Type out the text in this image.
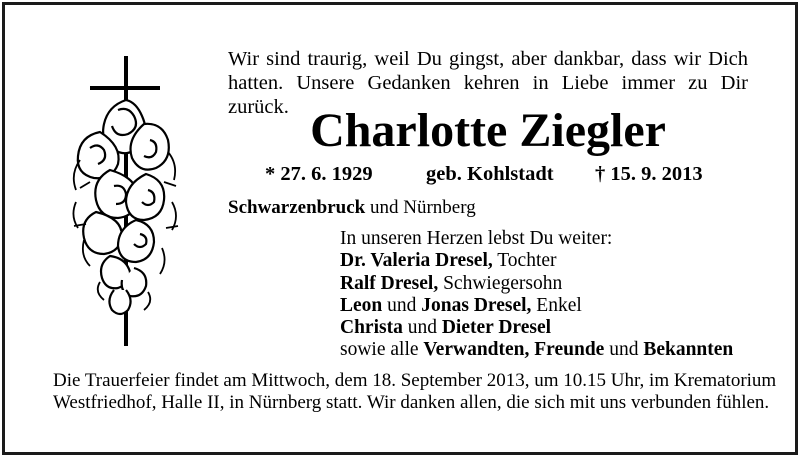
Wir sind traurig, weil Du gingst, aber dankbar, dass wir Dich hatten. Unsere Gedanken kehren in Liebe immer zu Dir zurück. Charlotte Ziegler
* 27. 6. 1929	geb. Kohlstadt † 15. 9. 2013
Schwarzenbruck und Nürnberg
In unseren Herzen lebst Du weiter:
Dr. Valeria Dresel, Tochter
Ralf Dresel, Schwiegersohn
Leon und Jonas Dresel, Enkel
Christa und Dieter Dresel
sowie alle Verwandten, Freunde und Bekannten
Die Trauerfeier findet am Mittwoch, dem 18. September 2013, um 10.15 Uhr, im Krematorium
Westfriedhof, Halle II, in Nürnberg statt. Wir danken allen, die sich mit uns verbunden fühlen.
